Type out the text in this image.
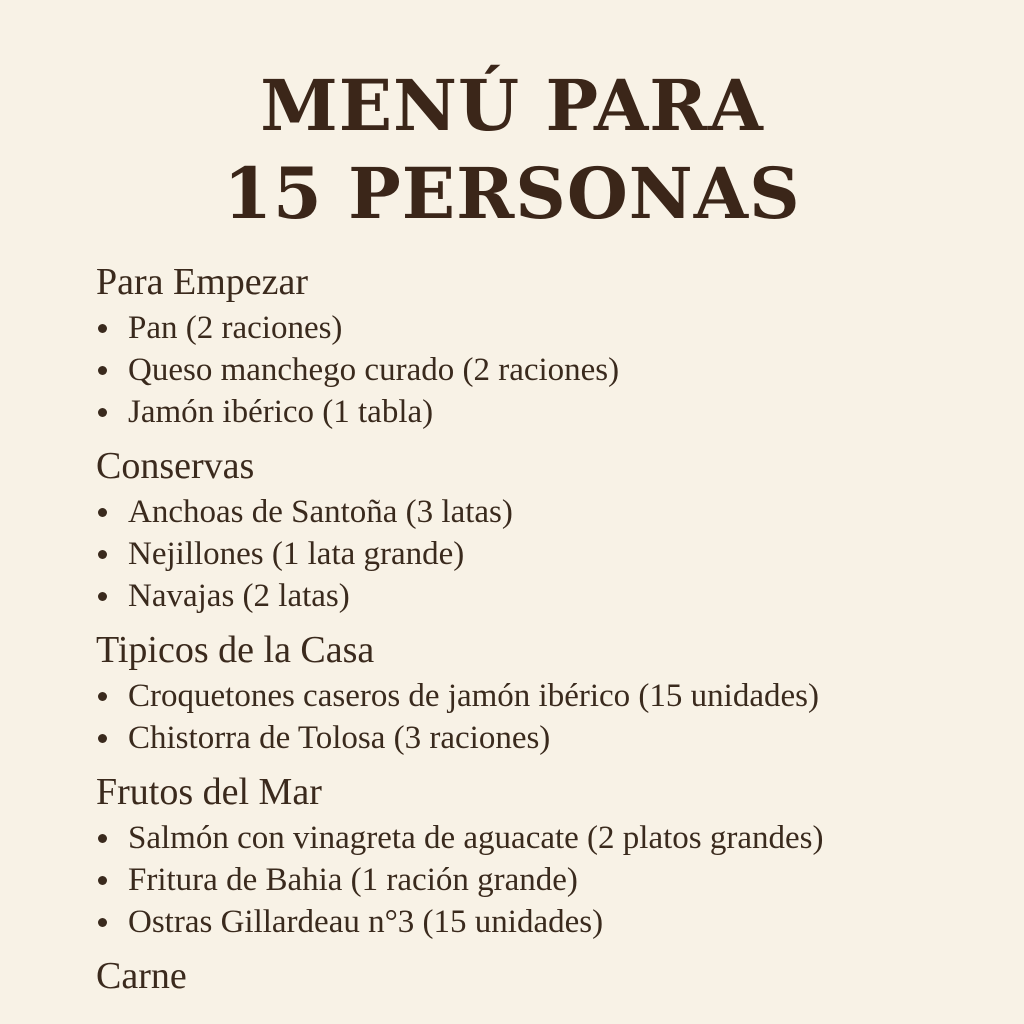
MENÚ PARA
15 PERSONAS
Para Empezar
Pan (2 raciones)
Queso manchego curado (2 raciones)
Jamón ibérico (1 tabla)
Conservas
Anchoas de Santoña (3 latas)
Nejillones (1 lata grande)
Navajas (2 latas)
Tipicos de la Casa
Croquetones caseros de jamón ibérico (15 unidades)
Chistorra de Tolosa (3 raciones)
Frutos del Mar
Salmón con vinagreta de aguacate (2 platos grandes)
Fritura de Bahia (1 ración grande)
Ostras Gillardeau n°3 (15 unidades)
Carne
